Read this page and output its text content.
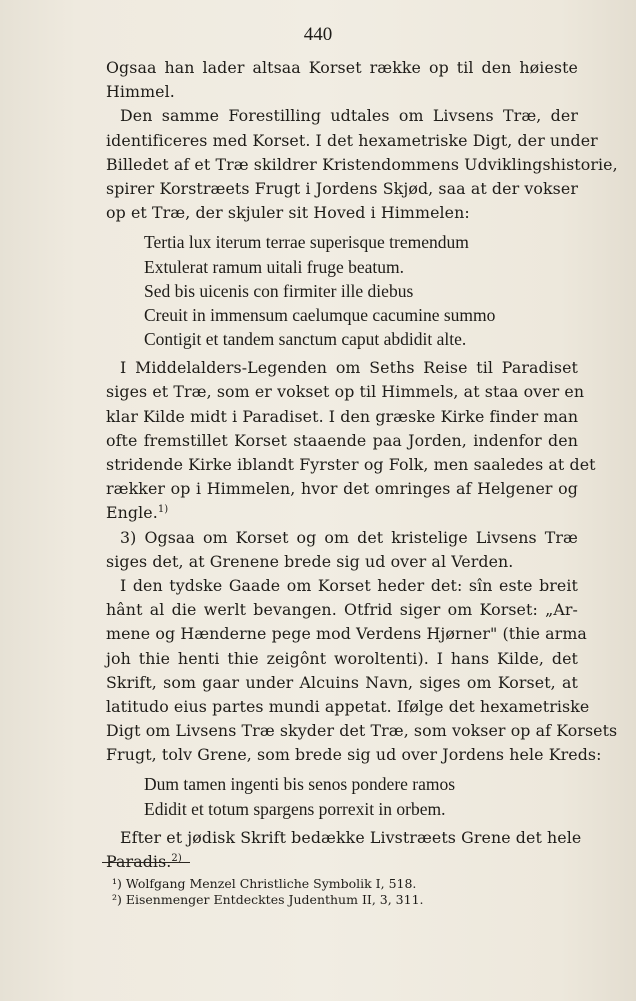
440
Ogsaa han lader altsaa Korset række op til den høieste
Himmel.
Den samme Forestilling udtales om Livsens Træ, der
identificeres med Korset. I det hexametriske Digt, der under
Billedet af et Træ skildrer Kristendommens Udviklingshistorie,
spirer Korstræets Frugt i Jordens Skjød, saa at der vokser
op et Træ, der skjuler sit Hoved i Himmelen:
Tertia lux iterum terrae superisque tremendum
Extulerat ramum uitali fruge beatum.
Sed bis uicenis con firmiter ille diebus
Creuit in immensum caelumque cacumine summo
Contigit et tandem sanctum caput abdidit alte.
I Middelalders-Legenden om Seths Reise til Paradiset
siges et Træ, som er vokset op til Himmels, at staa over en
klar Kilde midt i Paradiset. I den græske Kirke finder man
ofte fremstillet Korset staaende paa Jorden, indenfor den
stridende Kirke iblandt Fyrster og Folk, men saaledes at det
rækker op i Himmelen, hvor det omringes af Helgener og
Engle.$^{1)}$
3) Ogsaa om Korset og om det kristelige Livsens Træ
siges det, at Grenene brede sig ud over al Verden.
I den tydske Gaade om Korset heder det: sîn este breit
hânt al die werlt bevangen. Otfrid siger om Korset: „Ar-
mene og Hænderne pege mod Verdens Hjørner" (thie arma
joh thie henti thie zeigônt woroltenti). I hans Kilde, det
Skrift, som gaar under Alcuins Navn, siges om Korset, at
latitudo eius partes mundi appetat. Ifølge det hexametriske
Digt om Livsens Træ skyder det Træ, som vokser op af Korsets
Frugt, tolv Grene, som brede sig ud over Jordens hele Kreds:
Dum tamen ingenti bis senos pondere ramos
Edidit et totum spargens porrexit in orbem.
Efter et jødisk Skrift bedække Livstræets Grene det hele
Paradis.$^{2)}$
¹) Wolfgang Menzel Christliche Symbolik I, 518.
²) Eisenmenger Entdecktes Judenthum II, 3, 311.
